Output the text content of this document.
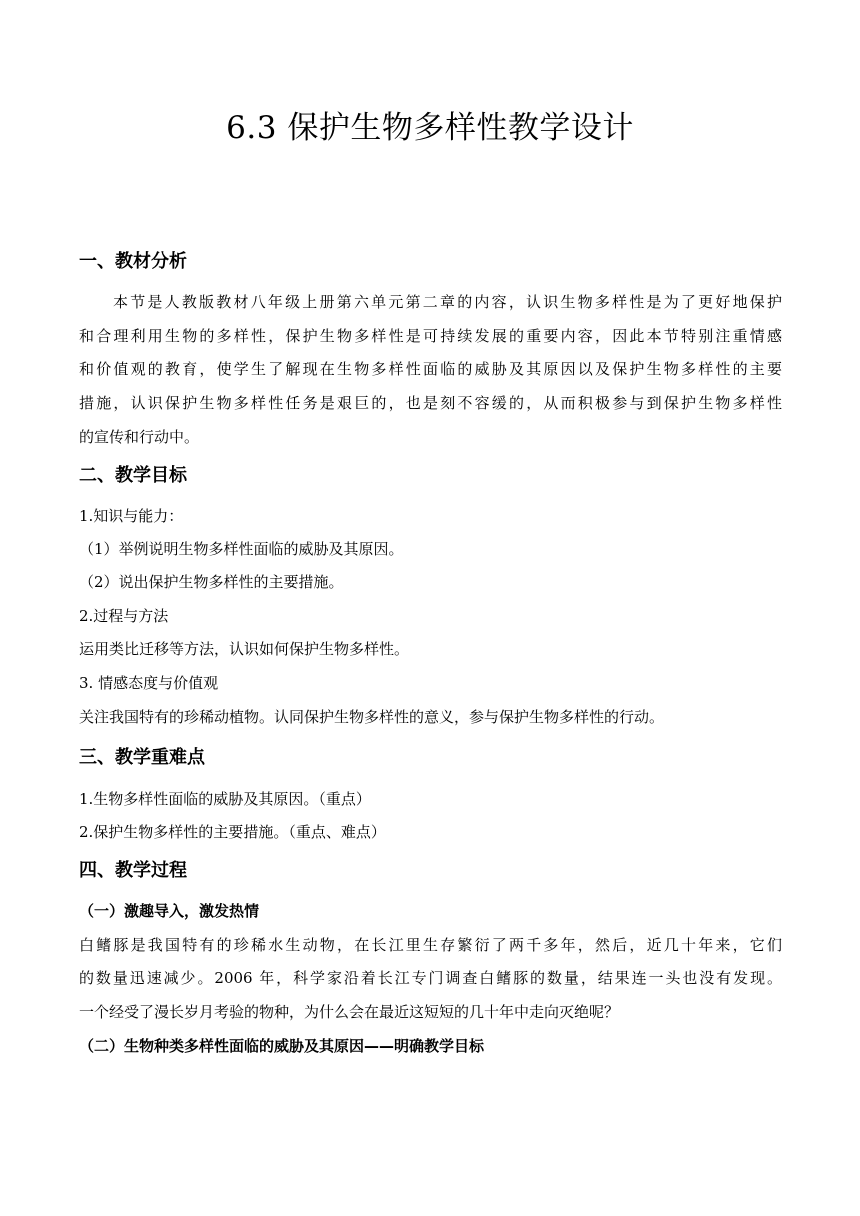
6.3 保护生物多样性教学设计
一、教材分析
本节是人教版教材八年级上册第六单元第二章的内容，认识生物多样性是为了更好地保护
和合理利用生物的多样性，保护生物多样性是可持续发展的重要内容，因此本节特别注重情感
和价值观的教育，使学生了解现在生物多样性面临的威胁及其原因以及保护生物多样性的主要
措施，认识保护生物多样性任务是艰巨的，也是刻不容缓的，从而积极参与到保护生物多样性
的宣传和行动中。
二、教学目标
1.知识与能力：
（1）举例说明生物多样性面临的威胁及其原因。
（2）说出保护生物多样性的主要措施。
2.过程与方法
运用类比迁移等方法，认识如何保护生物多样性。
3. 情感态度与价值观
关注我国特有的珍稀动植物。认同保护生物多样性的意义，参与保护生物多样性的行动。
三、教学重难点
1.生物多样性面临的威胁及其原因。（重点）
2.保护生物多样性的主要措施。（重点、难点）
四、教学过程
（一）激趣导入，激发热情
白鳍豚是我国特有的珍稀水生动物，在长江里生存繁衍了两千多年，然后，近几十年来，它们
的数量迅速减少。2006 年，科学家沿着长江专门调查白鳍豚的数量，结果连一头也没有发现。
一个经受了漫长岁月考验的物种，为什么会在最近这短短的几十年中走向灭绝呢？
（二）生物种类多样性面临的威胁及其原因——明确教学目标
